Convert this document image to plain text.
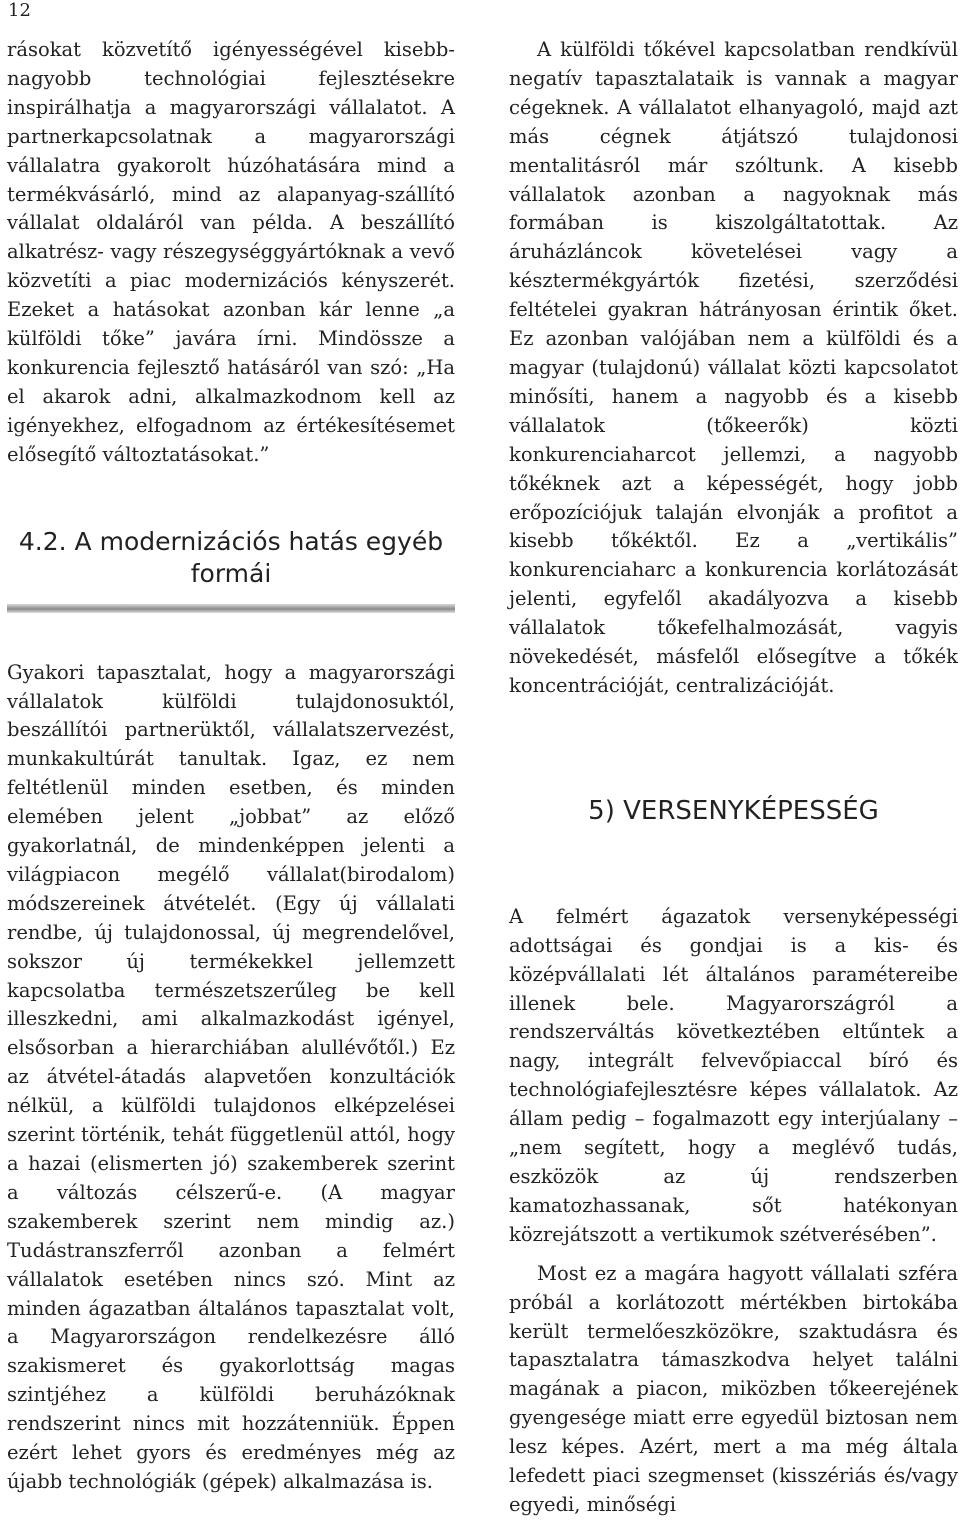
12

rásokat közvetítő igényességével kisebb-nagyobb technológiai fejlesztésekre inspirálhatja a magyarországi vállalatot. A partnerkapcsolatnak a magyarországi vállalatra gyakorolt húzóhatására mind a termékvásárló, mind az alapanyag-szállító vállalat oldaláról van példa. A beszállító alkatrész- vagy részegységgyártóknak a vevő közvetíti a piac modernizációs kényszerét. Ezeket a hatásokat azonban kár lenne „a külföldi tőke” javára írni. Mindössze a konkurencia fejlesztő hatásáról van szó: „Ha el akarok adni, alkalmazkodnom kell az igényekhez, elfogadnom az értékesítésemet elősegítő változtatásokat.”

4.2. A modernizációs hatás egyéb
formái

Gyakori tapasztalat, hogy a magyarországi vállalatok külföldi tulajdonosuktól, beszállítói partnerüktől, vállalatszervezést, munkakultúrát tanultak. Igaz, ez nem feltétlenül minden esetben, és minden elemében jelent „jobbat” az előző gyakorlatnál, de mindenképpen jelenti a világpiacon megélő vállalat(birodalom) módszereinek átvételét. (Egy új vállalati rendbe, új tulajdonossal, új megrendelővel, sokszor új termékekkel jellemzett kapcsolatba természetszerűleg be kell illeszkedni, ami alkalmazkodást igényel, elsősorban a hierarchiában alullévőtől.) Ez az átvétel-átadás alapvetően konzultációk nélkül, a külföldi tulajdonos elképzelései szerint történik, tehát függetlenül attól, hogy a hazai (elismerten jó) szakemberek szerint a változás célszerű-e. (A magyar szakemberek szerint nem mindig az.) Tudástranszferről azonban a felmért vállalatok esetében nincs szó. Mint az minden ágazatban általános tapasztalat volt, a Magyarországon rendelkezésre álló szakismeret és gyakorlottság magas szintjéhez a külföldi beruházóknak rendszerint nincs mit hozzátenniük. Éppen ezért lehet gyors és eredményes még az újabb technológiák (gépek) alkalmazása is.

A külföldi tőkével kapcsolatban rendkívül negatív tapasztalataik is vannak a magyar cégeknek. A vállalatot elhanyagoló, majd azt más cégnek átjátszó tulajdonosi mentalitásról már szóltunk. A kisebb vállalatok azonban a nagyoknak más formában is kiszolgáltatottak. Az áruházláncok követelései vagy a késztermékgyártók fizetési, szerződési feltételei gyakran hátrányosan érintik őket. Ez azonban valójában nem a külföldi és a magyar (tulajdonú) vállalat közti kapcsolatot minősíti, hanem a nagyobb és a kisebb vállalatok (tőkeerők) közti konkurenciaharcot jellemzi, a nagyobb tőkéknek azt a képességét, hogy jobb erőpozíciójuk talaján elvonják a profitot a kisebb tőkéktől. Ez a „vertikális” konkurenciaharc a konkurencia korlátozását jelenti, egyfelől akadályozva a kisebb vállalatok tőkefelhalmozását, vagyis növekedését, másfelől elősegítve a tőkék koncentrációját, centralizációját.

5) VERSENYKÉPESSÉG

A felmért ágazatok versenyképességi adottságai és gondjai is a kis- és középvállalati lét általános paramétereibe illenek bele. Magyarországról a rendszerváltás következtében eltűntek a nagy, integrált felvevőpiaccal bíró és technológiafejlesztésre képes vállalatok. Az állam pedig – fogalmazott egy interjúalany – „nem segített, hogy a meglévő tudás, eszközök az új rendszerben kamatozhassanak, sőt hatékonyan közrejátszott a vertikumok szétverésében”.

Most ez a magára hagyott vállalati szféra próbál a korlátozott mértékben birtokába került termelőeszközökre, szaktudásra és tapasztalatra támaszkodva helyet találni magának a piacon, miközben tőkeerejének gyengesége miatt erre egyedül biztosan nem lesz képes. Azért, mert a ma még általa lefedett piaci szegmenset (kisszériás és/vagy egyedi, minőségi
